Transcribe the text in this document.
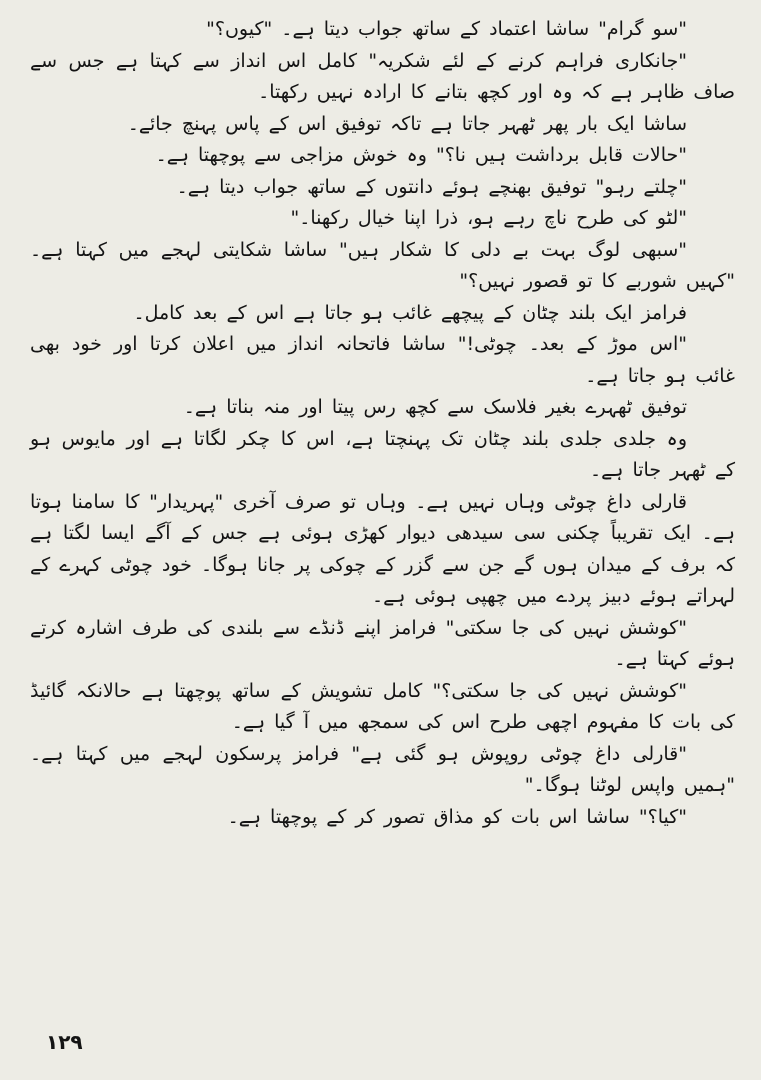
"سو گرام" ساشا اعتماد کے ساتھ جواب دیتا ہے۔ "کیوں؟"

"جانکاری فراہم کرنے کے لئے شکریہ" کامل اس انداز سے کہتا ہے جس سے صاف ظاہر ہے کہ وہ اور کچھ بتانے کا ارادہ نہیں رکھتا۔

ساشا ایک بار پھر ٹھہر جاتا ہے تاکہ توفیق اس کے پاس پہنچ جائے۔

"حالات قابل برداشت ہیں نا؟" وہ خوش مزاجی سے پوچھتا ہے۔

"چلتے رہو" توفیق بھنچے ہوئے دانتوں کے ساتھ جواب دیتا ہے۔

"لٹو کی طرح ناچ رہے ہو، ذرا اپنا خیال رکھنا۔"

"سبھی لوگ بہت بے دلی کا شکار ہیں" ساشا شکایتی لہجے میں کہتا ہے۔ "کہیں شوربے کا تو قصور نہیں؟"

فرامز ایک بلند چٹان کے پیچھے غائب ہو جاتا ہے اس کے بعد کامل۔

"اس موڑ کے بعد۔ چوٹی!" ساشا فاتحانہ انداز میں اعلان کرتا اور خود بھی غائب ہو جاتا ہے۔

توفیق ٹھہرے بغیر فلاسک سے کچھ رس پیتا اور منہ بناتا ہے۔

وہ جلدی جلدی بلند چٹان تک پہنچتا ہے، اس کا چکر لگاتا ہے اور مایوس ہو کے ٹھہر جاتا ہے۔

قارلی داغ چوٹی وہاں نہیں ہے۔ وہاں تو صرف آخری "پہریدار" کا سامنا ہوتا ہے۔ ایک تقریباً چکنی سی سیدھی دیوار کھڑی ہوئی ہے جس کے آگے ایسا لگتا ہے کہ برف کے میدان ہوں گے جن سے گزر کے چوکی پر جانا ہوگا۔ خود چوٹی کہرے کے لہراتے ہوئے دبیز پردے میں چھپی ہوئی ہے۔

"کوشش نہیں کی جا سکتی" فرامز اپنے ڈنڈے سے بلندی کی طرف اشارہ کرتے ہوئے کہتا ہے۔

"کوشش نہیں کی جا سکتی؟" کامل تشویش کے ساتھ پوچھتا ہے حالانکہ گائیڈ کی بات کا مفہوم اچھی طرح اس کی سمجھ میں آ گیا ہے۔

"قارلی داغ چوٹی روپوش ہو گئی ہے" فرامز پرسکون لہجے میں کہتا ہے۔ "ہمیں واپس لوٹنا ہوگا۔"

"کیا؟" ساشا اس بات کو مذاق تصور کر کے پوچھتا ہے۔

۱۲۹
